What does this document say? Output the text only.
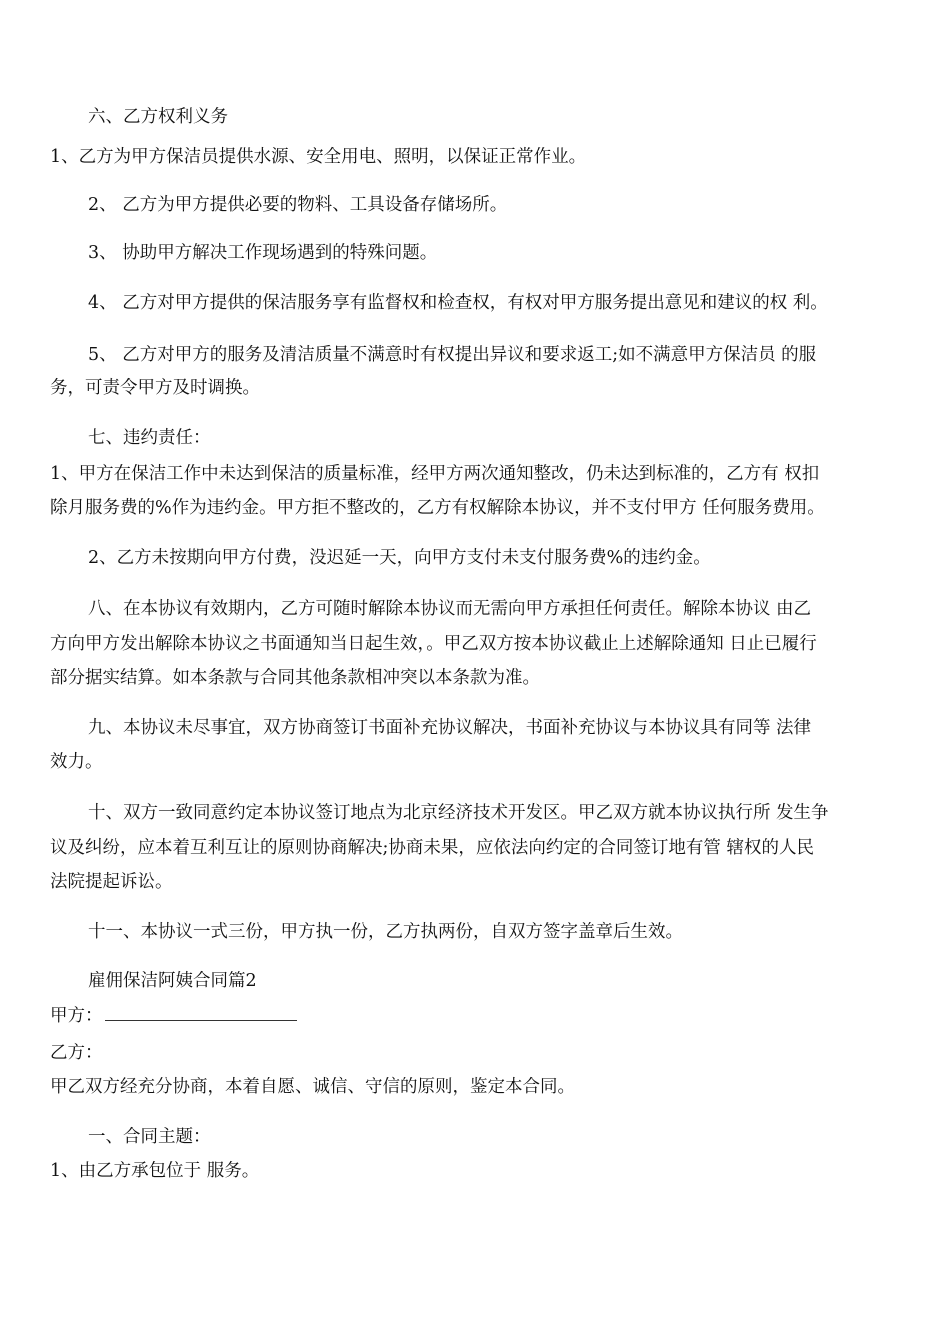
六、乙方权利义务
1、乙方为甲方保洁员提供水源、安全用电、照明，以保证正常作业。
2、 乙方为甲方提供必要的物料、工具设备存储场所。
3、 协助甲方解决工作现场遇到的特殊问题。
4、 乙方对甲方提供的保洁服务享有监督权和检查权，有权对甲方服务提出意见和建议的权 利。
5、 乙方对甲方的服务及清洁质量不满意时有权提出异议和要求返工;如不满意甲方保洁员 的服
务，可责令甲方及时调换。
七、违约责任：
1、甲方在保洁工作中未达到保洁的质量标准，经甲方两次通知整改，仍未达到标准的，乙方有 权扣
除月服务费的%作为违约金。甲方拒不整改的，乙方有权解除本协议，并不支付甲方 任何服务费用。
2、乙方未按期向甲方付费，没迟延一天，向甲方支付未支付服务费%的违约金。
八、在本协议有效期内，乙方可随时解除本协议而无需向甲方承担任何责任。解除本协议 由乙
方向甲方发出解除本协议之书面通知当日起生效，。甲乙双方按本协议截止上述解除通知 日止已履行
部分据实结算。如本条款与合同其他条款相冲突以本条款为准。
九、本协议未尽事宜，双方协商签订书面补充协议解决，书面补充协议与本协议具有同等 法律
效力。
十、双方一致同意约定本协议签订地点为北京经济技术开发区。甲乙双方就本协议执行所 发生争
议及纠纷，应本着互利互让的原则协商解决;协商未果，应依法向约定的合同签订地有管 辖权的人民
法院提起诉讼。
十一、本协议一式三份，甲方执一份，乙方执两份，自双方签字盖章后生效。
雇佣保洁阿姨合同篇2
甲方：
乙方：
甲乙双方经充分协商，本着自愿、诚信、守信的原则，鉴定本合同。
一、合同主题：
1、由乙方承包位于 服务。
